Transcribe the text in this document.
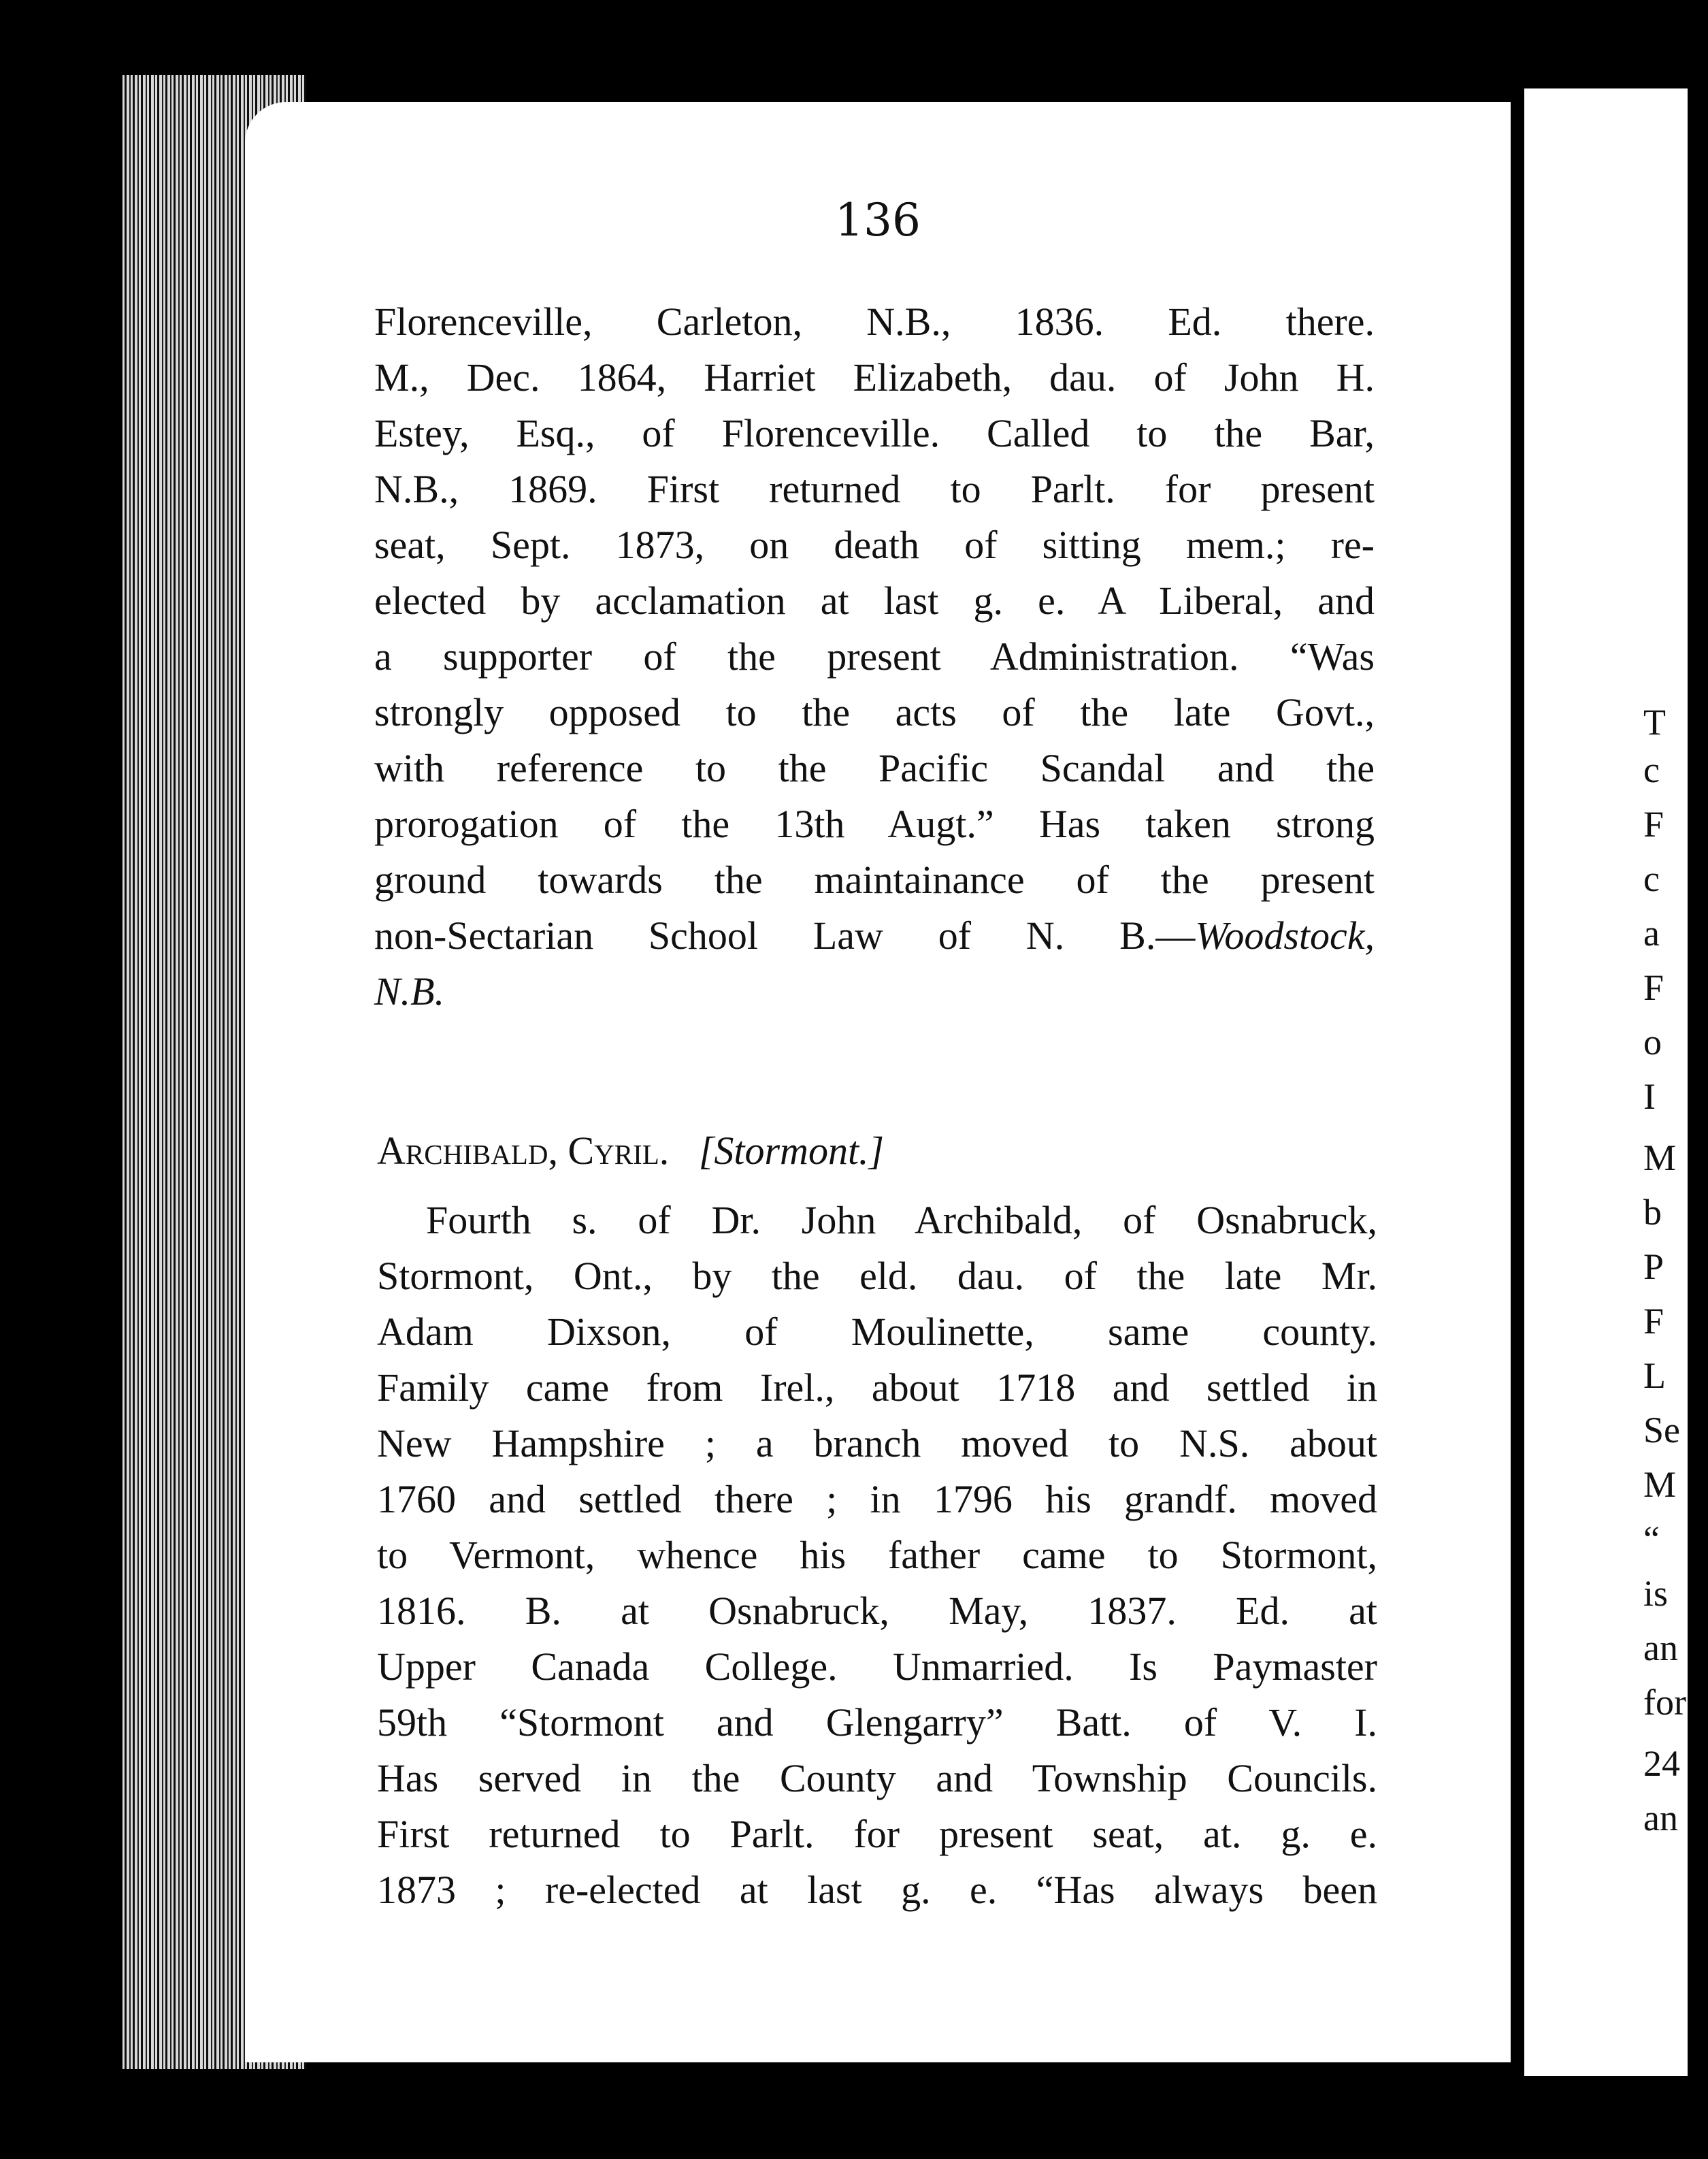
136

Florenceville, Carleton, N.B., 1836. Ed. there.
M., Dec. 1864, Harriet Elizabeth, dau. of John H.
Estey, Esq., of Florenceville. Called to the Bar,
N.B., 1869. First returned to Parlt. for present
seat, Sept. 1873, on death of sitting mem.; re-
elected by acclamation at last g. e. A Liberal, and
a supporter of the present Administration. “Was
strongly opposed to the acts of the late Govt.,
with reference to the Pacific Scandal and the
prorogation of the 13th Augt.” Has taken strong
ground towards the maintainance of the present
non-Sectarian School Law of N. B.—Woodstock,
N.B.
Archibald, Cyril. [Stormont.]
Fourth s. of Dr. John Archibald, of Osnabruck,
Stormont, Ont., by the eld. dau. of the late Mr.
Adam Dixson, of Moulinette, same county.
Family came from Irel., about 1718 and settled in
New Hampshire ; a branch moved to N.S. about
1760 and settled there ; in 1796 his grandf. moved
to Vermont, whence his father came to Stormont,
1816. B. at Osnabruck, May, 1837. Ed. at
Upper Canada College. Unmarried. Is Paymaster
59th “Stormont and Glengarry” Batt. of V. I.
Has served in the County and Township Councils.
First returned to Parlt. for present seat, at. g. e.
1873 ; re-elected at last g. e. “Has always been
T
c
F
c
a
F
o
I
M
b
P
F
L
Se
M
“
is
an
for
24
an
